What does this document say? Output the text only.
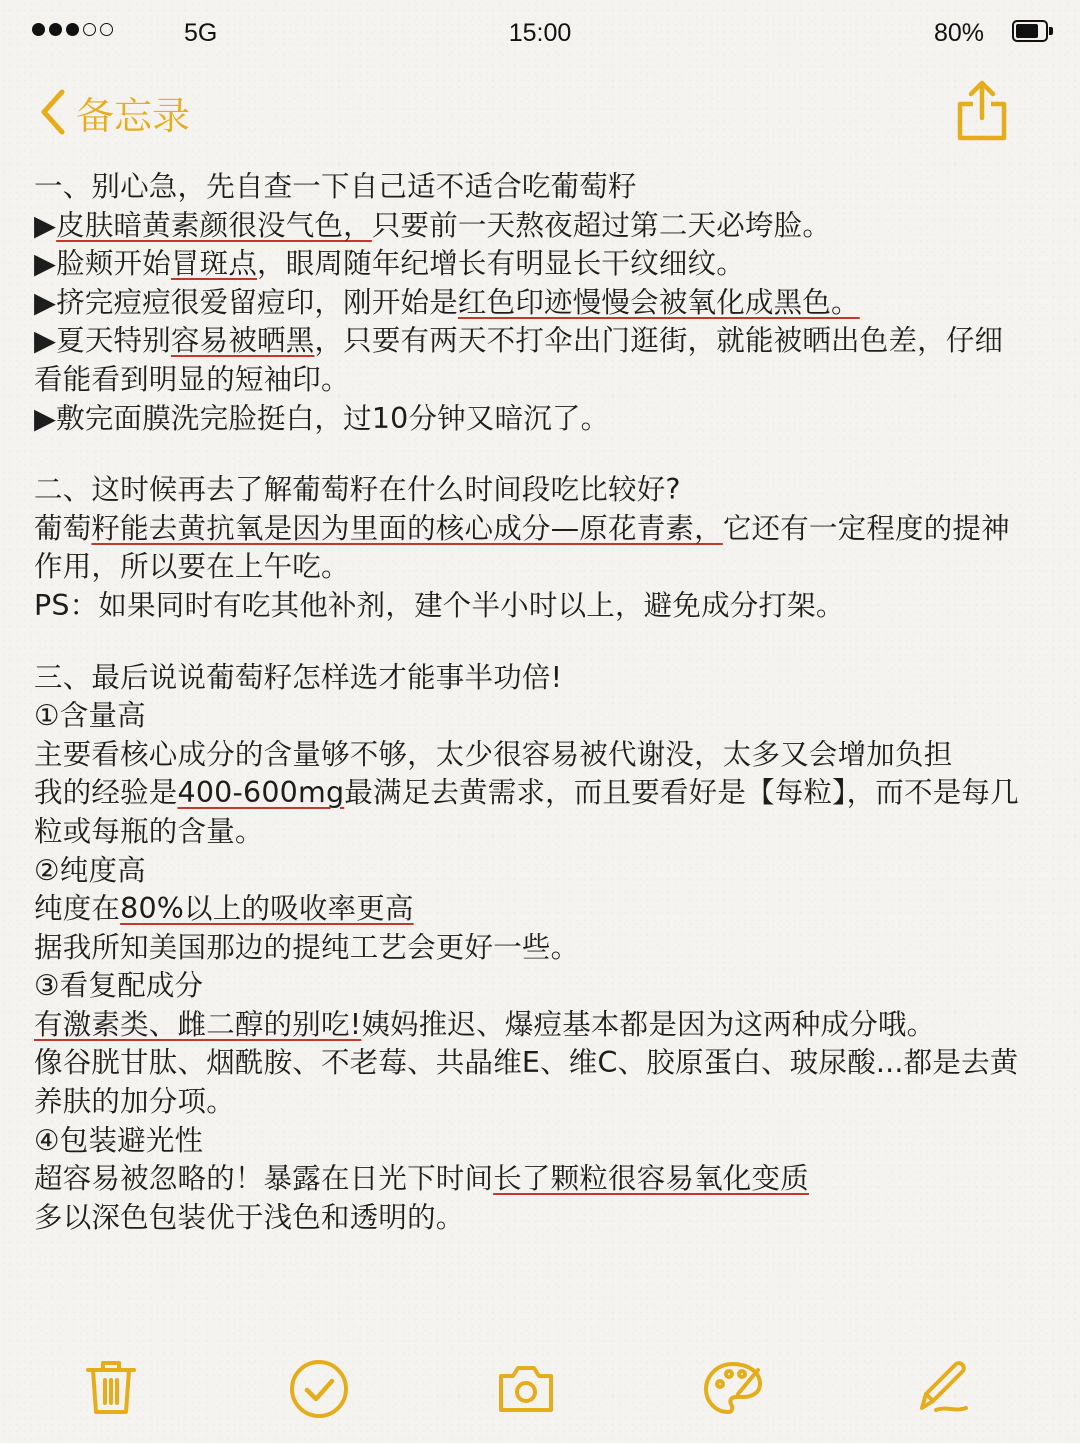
5G	15:00	80%
备忘录

一、别心急，先自查一下自己适不适合吃葡萄籽

▶皮肤暗黄素颜很没气色，只要前一天熬夜超过第二天必垮脸。

▶脸颊开始冒斑点，眼周随年纪增长有明显长干纹细纹。

▶挤完痘痘很爱留痘印，刚开始是红色印迹慢慢会被氧化成黑色。

▶夏天特别容易被晒黑，只要有两天不打伞出门逛街，就能被晒出色差，仔细

看能看到明显的短袖印。

▶敷完面膜洗完脸挺白，过10分钟又暗沉了。

二、这时候再去了解葡萄籽在什么时间段吃比较好?

葡萄籽能去黄抗氧是因为里面的核心成分—原花青素，它还有一定程度的提神

作用，所以要在上午吃。

PS：如果同时有吃其他补剂，建个半小时以上，避免成分打架。

三、最后说说葡萄籽怎样选才能事半功倍!

①含量高

主要看核心成分的含量够不够，太少很容易被代谢没，太多又会增加负担

我的经验是400-600mg最满足去黄需求，而且要看好是【每粒】，而不是每几

粒或每瓶的含量。

②纯度高

纯度在80%以上的吸收率更高

据我所知美国那边的提纯工艺会更好一些。

③看复配成分

有激素类、雌二醇的别吃!姨妈推迟、爆痘基本都是因为这两种成分哦。

像谷胱甘肽、烟酰胺、不老莓、共晶维E、维C、胶原蛋白、玻尿酸...都是去黄

养肤的加分项。

④包装避光性

超容易被忽略的！暴露在日光下时间长了颗粒很容易氧化变质

多以深色包装优于浅色和透明的。
